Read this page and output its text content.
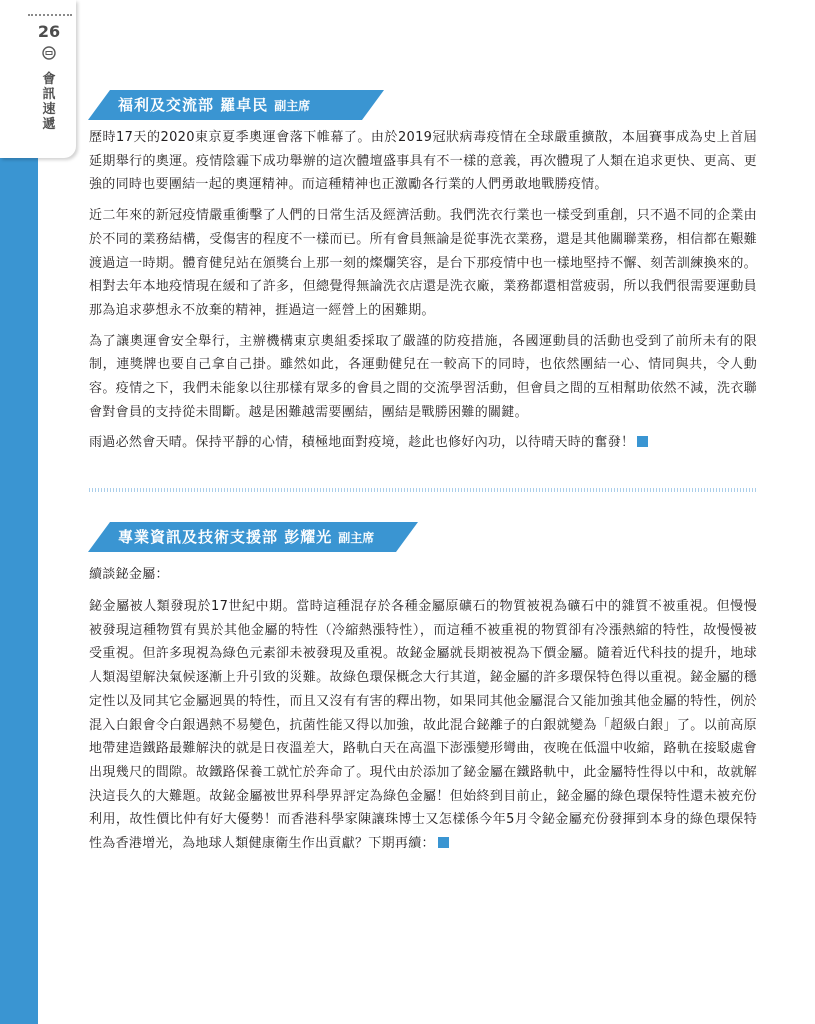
26
會訊速遞
福利及交流部 羅卓民 副主席

歷時17天的2020東京夏季奧運會落下帷幕了。由於2019冠狀病毒疫情在全球嚴重擴散，本屆賽事成為史上首屆延期舉行的奧運。疫情陰霾下成功舉辦的這次體壇盛事具有不一樣的意義，再次體現了人類在追求更快、更高、更強的同時也要團結一起的奧運精神。而這種精神也正激勵各行業的人們勇敢地戰勝疫情。

近二年來的新冠疫情嚴重衝擊了人們的日常生活及經濟活動。我們洗衣行業也一樣受到重創，只不過不同的企業由於不同的業務結構，受傷害的程度不一樣而已。所有會員無論是從事洗衣業務，還是其他關聯業務，相信都在艱難渡過這一時期。體育健兒站在頒獎台上那一刻的燦爛笑容，是台下那疫情中也一樣地堅持不懈、刻苦訓練換來的。相對去年本地疫情現在緩和了許多，但總覺得無論洗衣店還是洗衣廠，業務都還相當疲弱，所以我們很需要運動員那為追求夢想永不放棄的精神，捱過這一經營上的困難期。

為了讓奧運會安全舉行，主辦機構東京奧組委採取了嚴謹的防疫措施，各國運動員的活動也受到了前所未有的限制，連獎牌也要自己拿自己掛。雖然如此，各運動健兒在一較高下的同時，也依然團結一心、情同與共，令人動容。疫情之下，我們未能象以往那樣有眾多的會員之間的交流學習活動，但會員之間的互相幫助依然不減，洗衣聯會對會員的支持從未間斷。越是困難越需要團結，團結是戰勝困難的關鍵。

雨過必然會天晴。保持平靜的心情，積極地面對疫境，趁此也修好內功，以待晴天時的奮發！

專業資訊及技術支援部 彭耀光 副主席
續談鉍金屬：

鉍金屬被人類發現於17世紀中期。當時這種混存於各種金屬原礦石的物質被視為礦石中的雜質不被重視。但慢慢被發現這種物質有異於其他金屬的特性（冷縮熱漲特性），而這種不被重視的物質卻有冷漲熱縮的特性，故慢慢被受重視。但許多現視為綠色元素卻未被發現及重視。故鉍金屬就長期被視為下價金屬。隨着近代科技的提升，地球人類渴望解決氣候逐漸上升引致的災難。故綠色環保概念大行其道，鉍金屬的許多環保特色得以重視。鉍金屬的穩定性以及同其它金屬迥異的特性，而且又沒有有害的釋出物，如果同其他金屬混合又能加強其他金屬的特性，例於混入白銀會令白銀遇熱不易變色，抗菌性能又得以加強，故此混合鉍離子的白銀就變為「超級白銀」了。以前高原地帶建造鐵路最難解決的就是日夜溫差大，路軌白天在高溫下澎漲變形彎曲，夜晚在低溫中收縮，路軌在接駁處會出現幾尺的間隙。故鐵路保養工就忙於奔命了。現代由於添加了鉍金屬在鐵路軌中，此金屬特性得以中和，故就解決這長久的大難題。故鉍金屬被世界科學界評定為綠色金屬！但始終到目前止，鉍金屬的綠色環保特性還未被充份利用，故性價比仲有好大優勢！而香港科學家陳讓珠博士又怎樣係今年5月令鉍金屬充份發揮到本身的綠色環保特性為香港增光，為地球人類健康衛生作出貢獻？下期再續：
